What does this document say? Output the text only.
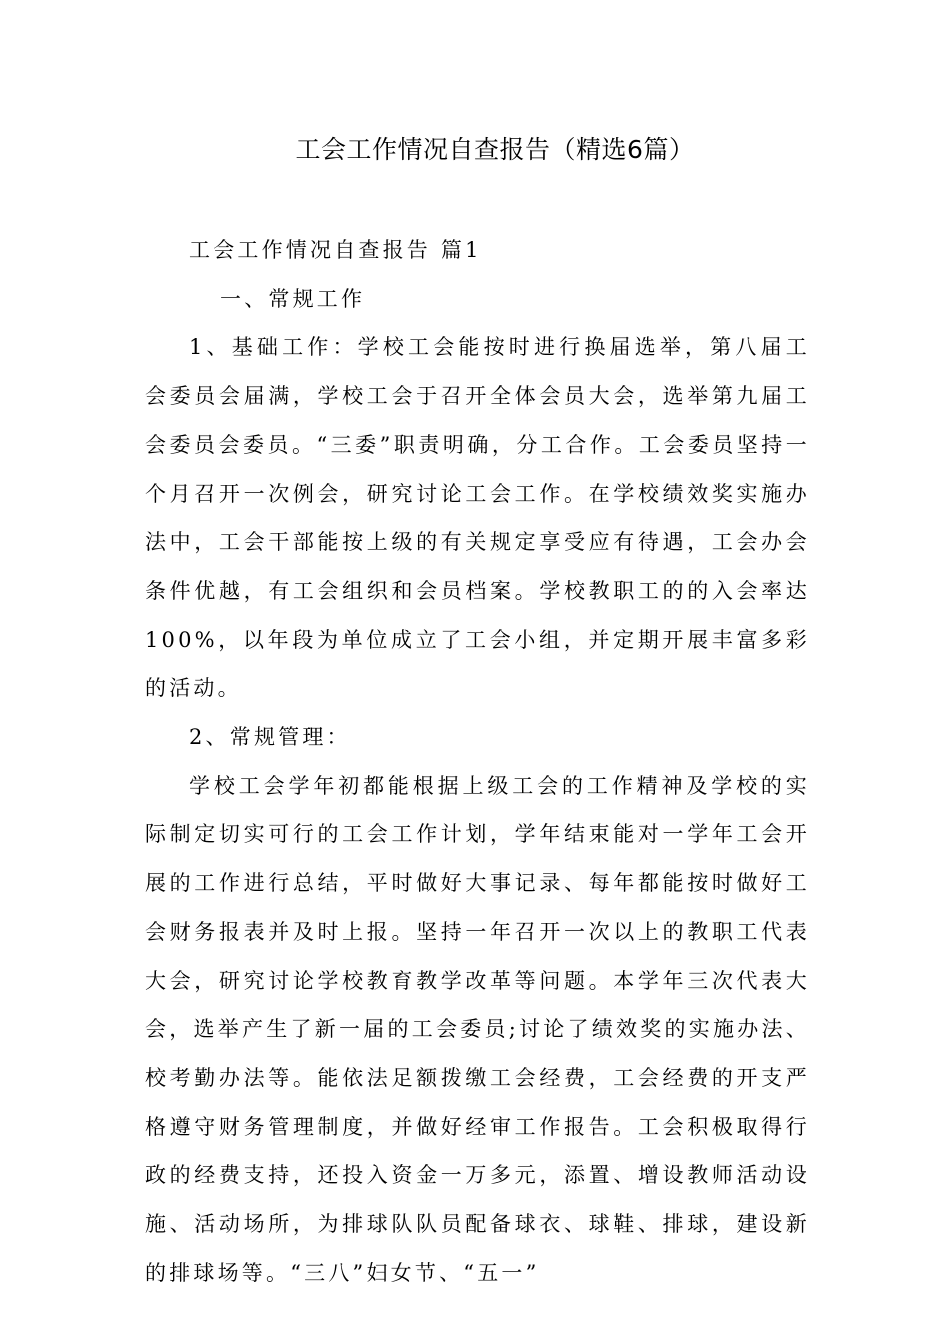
工会工作情况自查报告（精选6篇）

工会工作情况自查报告 篇1

一、常规工作

1、基础工作：学校工会能按时进行换届选举，第八届工会委员会届满，学校工会于召开全体会员大会，选举第九届工会委员会委员。“三委”职责明确，分工合作。工会委员坚持一个月召开一次例会，研究讨论工会工作。在学校绩效奖实施办法中，工会干部能按上级的有关规定享受应有待遇，工会办会条件优越，有工会组织和会员档案。学校教职工的的入会率达100%，以年段为单位成立了工会小组，并定期开展丰富多彩的活动。

2、常规管理：

学校工会学年初都能根据上级工会的工作精神及学校的实际制定切实可行的工会工作计划，学年结束能对一学年工会开展的工作进行总结，平时做好大事记录、每年都能按时做好工会财务报表并及时上报。坚持一年召开一次以上的教职工代表大会，研究讨论学校教育教学改革等问题。本学年三次代表大会，选举产生了新一届的工会委员;讨论了绩效奖的实施办法、校考勤办法等。能依法足额拨缴工会经费，工会经费的开支严格遵守财务管理制度，并做好经审工作报告。工会积极取得行政的经费支持，还投入资金一万多元，添置、增设教师活动设施、活动场所，为排球队队员配备球衣、球鞋、排球，建设新的排球场等。“三八”妇女节、“五一”
